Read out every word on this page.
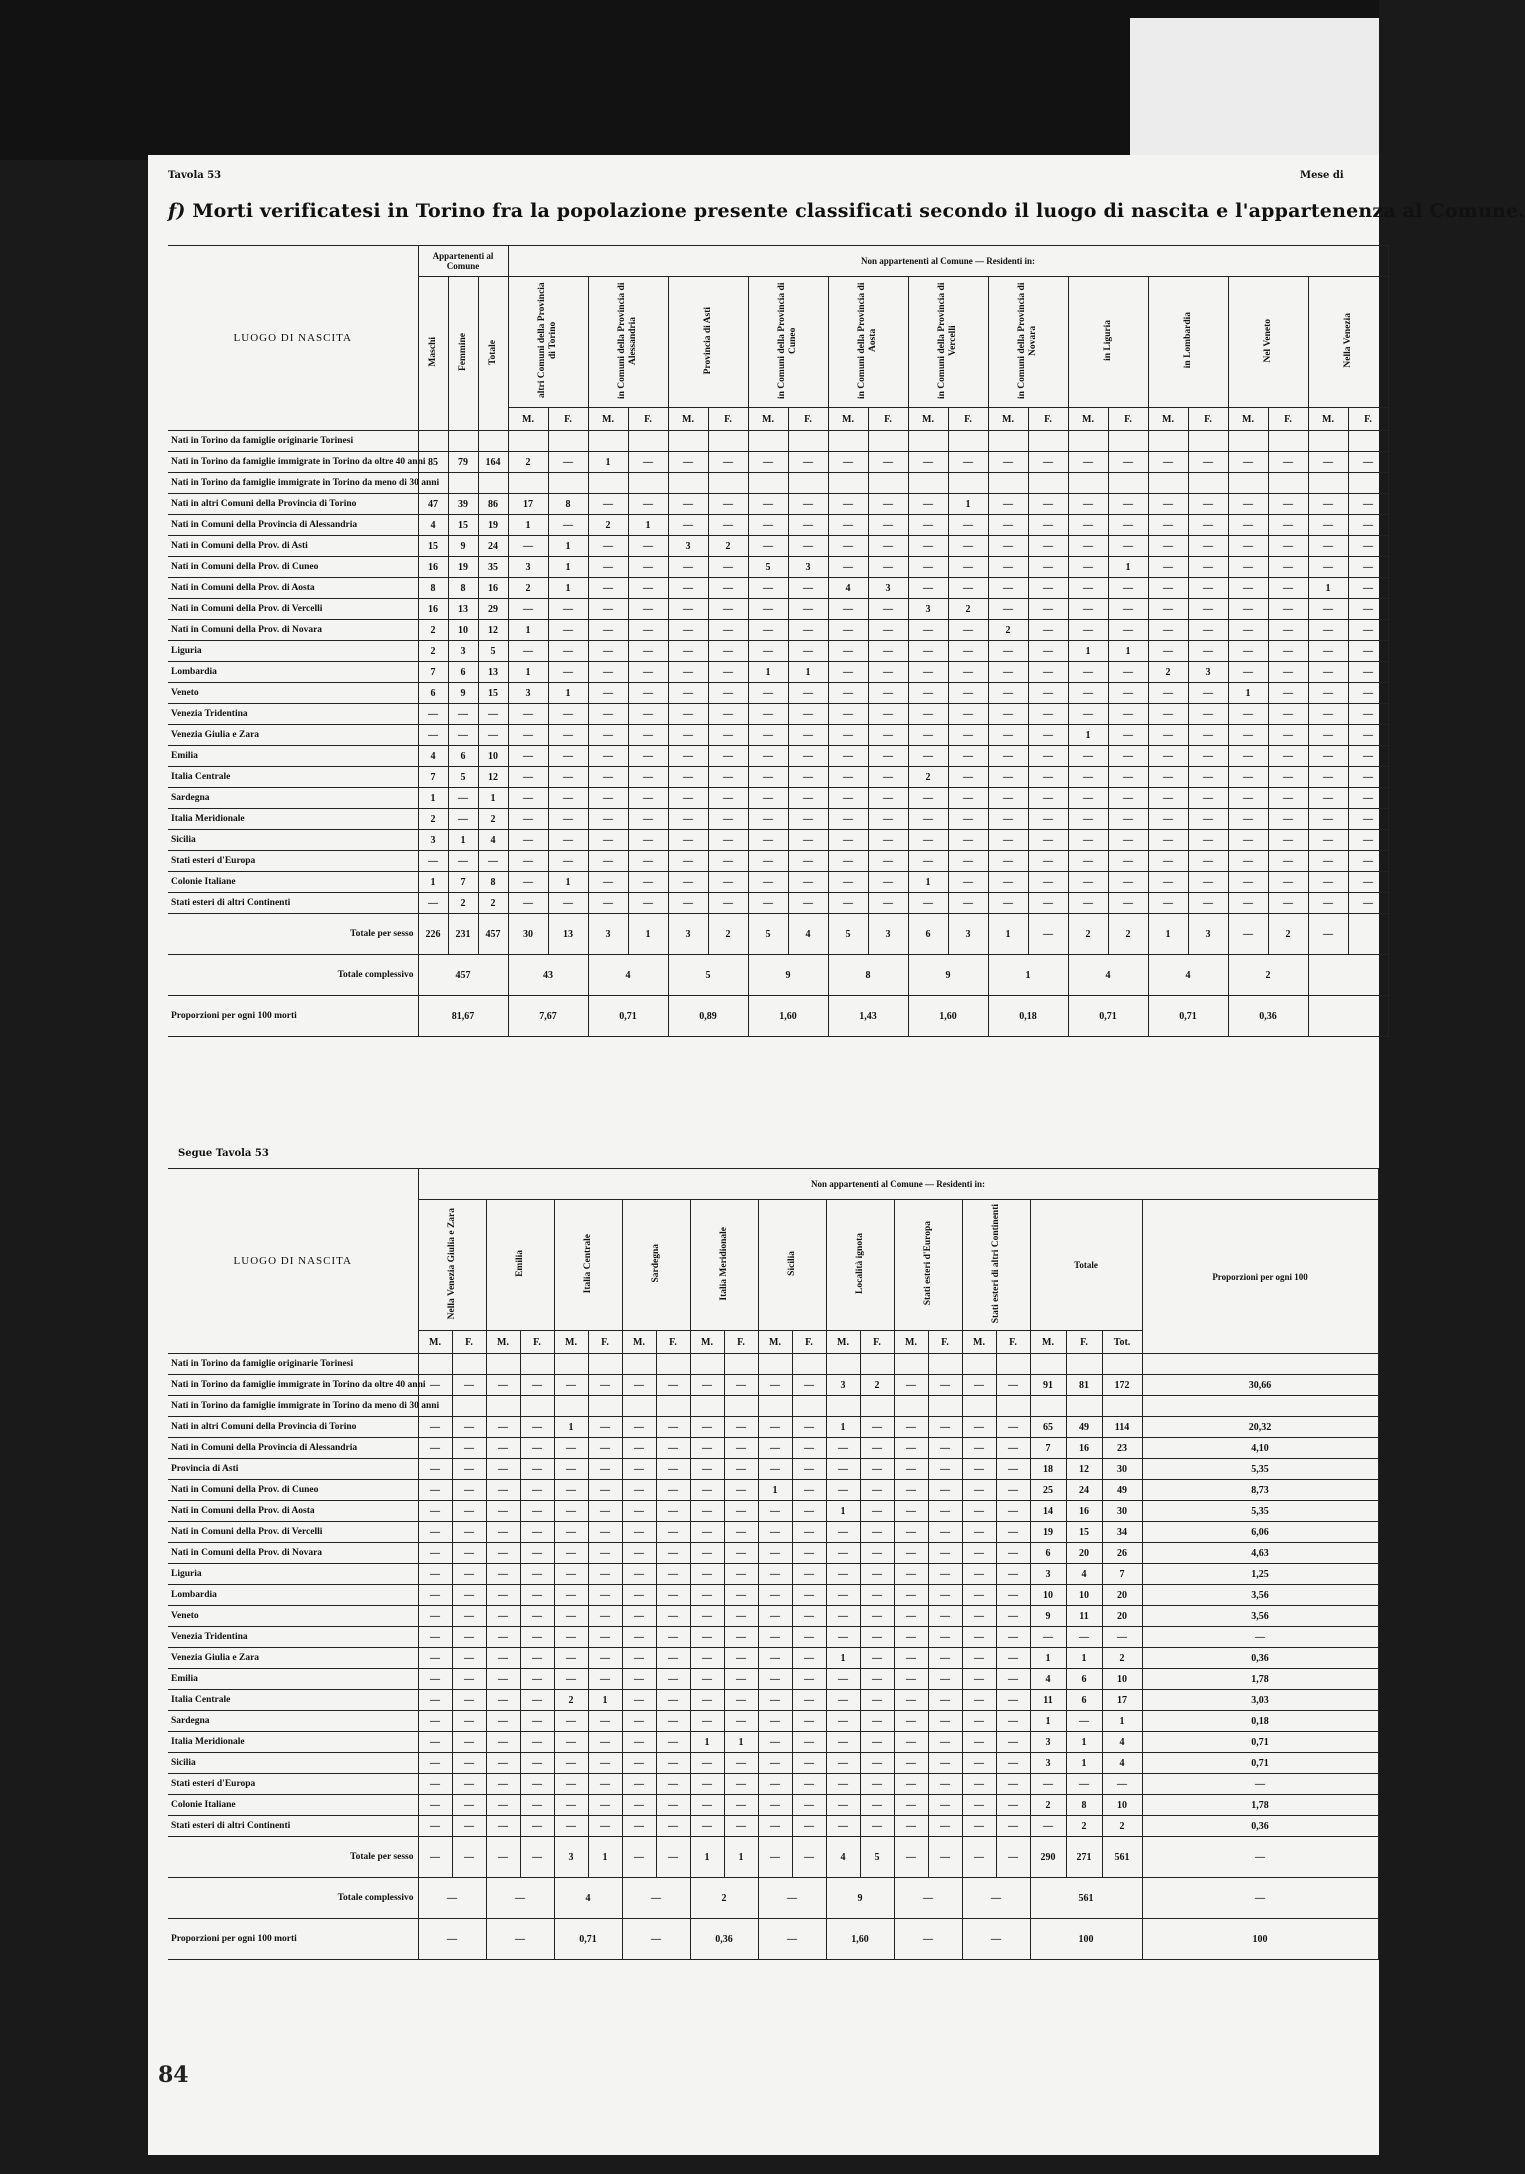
Tavola 53	Mese di
f) Morti verificatesi in Torino fra la popolazione presente classificati secondo il luogo di nascita e l'appartenenza al Comune.
LUOGO DI NASCITA	Appartenenti al Comune			Non appartenenti al Comune — Residenti in:																					
	Maschi	Femmine	Totale	altri Comuni della Provincia di Torino		in Comuni della Provincia di Alessandria		Provincia di Asti		in Comuni della Provincia di Cuneo		in Comuni della Provincia di Aosta		in Comuni della Provincia di Vercelli		in Comuni della Provincia di Novara		in Liguria		in Lombardia		Nel Veneto		Nella Venezia	
				M.	F.	M.	F.	M.	F.	M.	F.	M.	F.	M.	F.	M.	F.	M.	F.	M.	F.	M.	F.	M.	F.
Nati in Torino da famiglie originarie Torinesi																									
Nati in Torino da famiglie immigrate in Torino da oltre 40 anni	85	79	164	2	—	1	—	—	—	—	—	—	—	—	—	—	—	—	—	—	—	—	—	—	—
Nati in Torino da famiglie immigrate in Torino da meno di 30 anni																									
Nati in altri Comuni della Provincia di Torino	47	39	86	17	8	—	—	—	—	—	—	—	—	—	1	—	—	—	—	—	—	—	—	—	—
Nati in Comuni della Provincia di Alessandria	4	15	19	1	—	2	1	—	—	—	—	—	—	—	—	—	—	—	—	—	—	—	—	—	—
Nati in Comuni della Prov. di Asti	15	9	24	—	1	—	—	3	2	—	—	—	—	—	—	—	—	—	—	—	—	—	—	—	—
Nati in Comuni della Prov. di Cuneo	16	19	35	3	1	—	—	—	—	5	3	—	—	—	—	—	—	—	1	—	—	—	—	—	—
Nati in Comuni della Prov. di Aosta	8	8	16	2	1	—	—	—	—	—	—	4	3	—	—	—	—	—	—	—	—	—	—	1	—
Nati in Comuni della Prov. di Vercelli	16	13	29	—	—	—	—	—	—	—	—	—	—	3	2	—	—	—	—	—	—	—	—	—	—
Nati in Comuni della Prov. di Novara	2	10	12	1	—	—	—	—	—	—	—	—	—	—	—	2	—	—	—	—	—	—	—	—	—
Liguria	2	3	5	—	—	—	—	—	—	—	—	—	—	—	—	—	—	1	1	—	—	—	—	—	—
Lombardia	7	6	13	1	—	—	—	—	—	1	1	—	—	—	—	—	—	—	—	2	3	—	—	—	—
Veneto	6	9	15	3	1	—	—	—	—	—	—	—	—	—	—	—	—	—	—	—	—	1	—	—	—
Venezia Tridentina	—	—	—	—	—	—	—	—	—	—	—	—	—	—	—	—	—	—	—	—	—	—	—	—	—
Venezia Giulia e Zara	—	—	—	—	—	—	—	—	—	—	—	—	—	—	—	—	—	1	—	—	—	—	—	—	—
Emilia	4	6	10	—	—	—	—	—	—	—	—	—	—	—	—	—	—	—	—	—	—	—	—	—	—
Italia Centrale	7	5	12	—	—	—	—	—	—	—	—	—	—	2	—	—	—	—	—	—	—	—	—	—	—
Sardegna	1	—	1	—	—	—	—	—	—	—	—	—	—	—	—	—	—	—	—	—	—	—	—	—	—
Italia Meridionale	2	—	2	—	—	—	—	—	—	—	—	—	—	—	—	—	—	—	—	—	—	—	—	—	—
Sicilia	3	1	4	—	—	—	—	—	—	—	—	—	—	—	—	—	—	—	—	—	—	—	—	—	—
Stati esteri d'Europa	—	—	—	—	—	—	—	—	—	—	—	—	—	—	—	—	—	—	—	—	—	—	—	—	—
Colonie Italiane	1	7	8	—	1	—	—	—	—	—	—	—	—	1	—	—	—	—	—	—	—	—	—	—	—
Stati esteri di altri Continenti	—	2	2	—	—	—	—	—	—	—	—	—	—	—	—	—	—	—	—	—	—	—	—	—	—
Totale per sesso	226	231	457	30	13	3	1	3	2	5	4	5	3	6	3	1	—	2	2	1	3	—	2	—	
Totale complessivo	457			43		4		5		9		8		9		1		4		4		2			
Proporzioni per ogni 100 morti	81,67			7,67		0,71		0,89		1,60		1,43		1,60		0,18		0,71		0,71		0,36			
Segue Tavola 53
LUOGO DI NASCITA	Non appartenenti al Comune — Residenti in:																					
	Nella Venezia Giulia e Zara		Emilia		Italia Centrale		Sardegna		Italia Meridionale		Sicilia		Località ignota		Stati esteri d'Europa		Stati esteri di altri Continenti		Totale			Proporzioni per ogni 100
	M.	F.	M.	F.	M.	F.	M.	F.	M.	F.	M.	F.	M.	F.	M.	F.	M.	F.	M.	F.	Tot.	
Nati in Torino da famiglie originarie Torinesi																						
Nati in Torino da famiglie immigrate in Torino da oltre 40 anni	—	—	—	—	—	—	—	—	—	—	—	—	3	2	—	—	—	—	91	81	172	30,66
Nati in Torino da famiglie immigrate in Torino da meno di 30 anni																						
Nati in altri Comuni della Provincia di Torino	—	—	—	—	1	—	—	—	—	—	—	—	1	—	—	—	—	—	65	49	114	20,32
Nati in Comuni della Provincia di Alessandria	—	—	—	—	—	—	—	—	—	—	—	—	—	—	—	—	—	—	7	16	23	4,10
Provincia di Asti	—	—	—	—	—	—	—	—	—	—	—	—	—	—	—	—	—	—	18	12	30	5,35
Nati in Comuni della Prov. di Cuneo	—	—	—	—	—	—	—	—	—	—	1	—	—	—	—	—	—	—	25	24	49	8,73
Nati in Comuni della Prov. di Aosta	—	—	—	—	—	—	—	—	—	—	—	—	1	—	—	—	—	—	14	16	30	5,35
Nati in Comuni della Prov. di Vercelli	—	—	—	—	—	—	—	—	—	—	—	—	—	—	—	—	—	—	19	15	34	6,06
Nati in Comuni della Prov. di Novara	—	—	—	—	—	—	—	—	—	—	—	—	—	—	—	—	—	—	6	20	26	4,63
Liguria	—	—	—	—	—	—	—	—	—	—	—	—	—	—	—	—	—	—	3	4	7	1,25
Lombardia	—	—	—	—	—	—	—	—	—	—	—	—	—	—	—	—	—	—	10	10	20	3,56
Veneto	—	—	—	—	—	—	—	—	—	—	—	—	—	—	—	—	—	—	9	11	20	3,56
Venezia Tridentina	—	—	—	—	—	—	—	—	—	—	—	—	—	—	—	—	—	—	—	—	—	—
Venezia Giulia e Zara	—	—	—	—	—	—	—	—	—	—	—	—	1	—	—	—	—	—	1	1	2	0,36
Emilia	—	—	—	—	—	—	—	—	—	—	—	—	—	—	—	—	—	—	4	6	10	1,78
Italia Centrale	—	—	—	—	2	1	—	—	—	—	—	—	—	—	—	—	—	—	11	6	17	3,03
Sardegna	—	—	—	—	—	—	—	—	—	—	—	—	—	—	—	—	—	—	1	—	1	0,18
Italia Meridionale	—	—	—	—	—	—	—	—	1	1	—	—	—	—	—	—	—	—	3	1	4	0,71
Sicilia	—	—	—	—	—	—	—	—	—	—	—	—	—	—	—	—	—	—	3	1	4	0,71
Stati esteri d'Europa	—	—	—	—	—	—	—	—	—	—	—	—	—	—	—	—	—	—	—	—	—	—
Colonie Italiane	—	—	—	—	—	—	—	—	—	—	—	—	—	—	—	—	—	—	2	8	10	1,78
Stati esteri di altri Continenti	—	—	—	—	—	—	—	—	—	—	—	—	—	—	—	—	—	—	—	2	2	0,36
Totale per sesso	—	—	—	—	3	1	—	—	1	1	—	—	4	5	—	—	—	—	290	271	561	—
Totale complessivo	—		—		4		—		2		—		9		—		—		561			—
Proporzioni per ogni 100 morti	—		—		0,71		—		0,36		—		1,60		—		—		100			100
84
